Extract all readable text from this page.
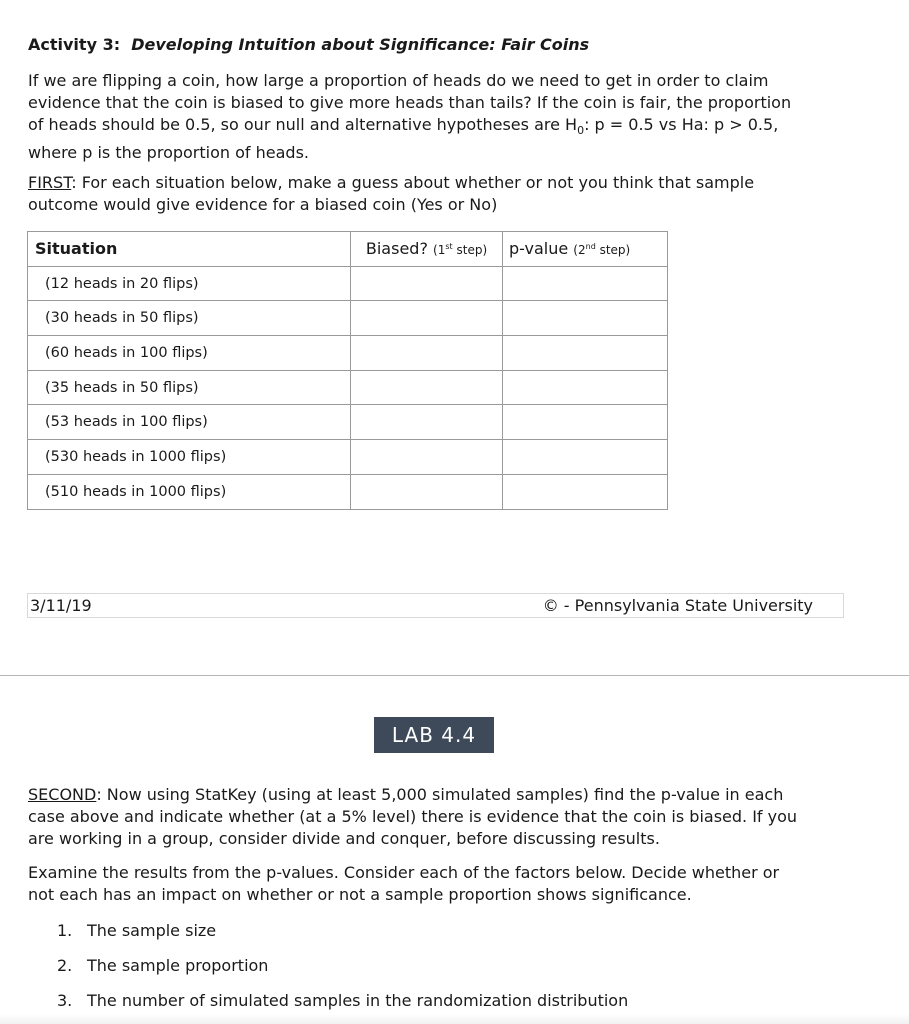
Activity 3: Developing Intuition about Significance: Fair Coins
If we are flipping a coin, how large a proportion of heads do we need to get in order to claim
evidence that the coin is biased to give more heads than tails? If the coin is fair, the proportion
of heads should be 0.5, so our null and alternative hypotheses are $H_0$: p = 0.5 vs Ha: p > 0.5,
where p is the proportion of heads.
FIRST: For each situation below, make a guess about whether or not you think that sample
outcome would give evidence for a biased coin (Yes or No)
Situation	Biased? (1st step)	p-value (2nd step)
(12 heads in 20 flips)		
(30 heads in 50 flips)		
(60 heads in 100 flips)		
(35 heads in 50 flips)		
(53 heads in 100 flips)		
(530 heads in 1000 flips)		
(510 heads in 1000 flips)		
3/11/19	© - Pennsylvania State University
LAB 4.4
SECOND: Now using StatKey (using at least 5,000 simulated samples) find the p-value in each
case above and indicate whether (at a 5% level) there is evidence that the coin is biased. If you
are working in a group, consider divide and conquer, before discussing results.
Examine the results from the p-values. Consider each of the factors below. Decide whether or
not each has an impact on whether or not a sample proportion shows significance.
1. The sample size
2. The sample proportion
3. The number of simulated samples in the randomization distribution
